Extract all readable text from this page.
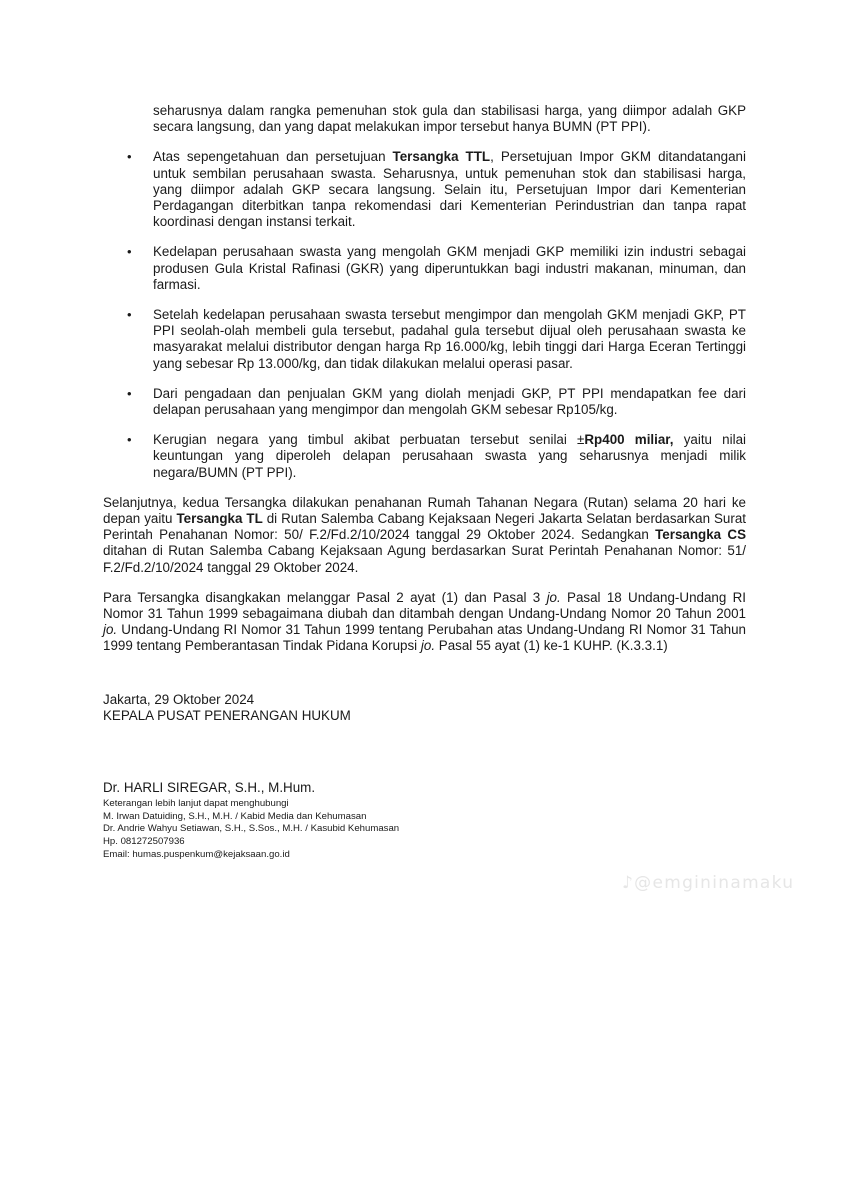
seharusnya dalam rangka pemenuhan stok gula dan stabilisasi harga, yang diimpor adalah GKP secara langsung, dan yang dapat melakukan impor tersebut hanya BUMN (PT PPI).

• Atas sepengetahuan dan persetujuan Tersangka TTL, Persetujuan Impor GKM ditandatangani untuk sembilan perusahaan swasta. Seharusnya, untuk pemenuhan stok dan stabilisasi harga, yang diimpor adalah GKP secara langsung. Selain itu, Persetujuan Impor dari Kementerian Perdagangan diterbitkan tanpa rekomendasi dari Kementerian Perindustrian dan tanpa rapat koordinasi dengan instansi terkait.
• Kedelapan perusahaan swasta yang mengolah GKM menjadi GKP memiliki izin industri sebagai produsen Gula Kristal Rafinasi (GKR) yang diperuntukkan bagi industri makanan, minuman, dan farmasi.
• Setelah kedelapan perusahaan swasta tersebut mengimpor dan mengolah GKM menjadi GKP, PT PPI seolah-olah membeli gula tersebut, padahal gula tersebut dijual oleh perusahaan swasta ke masyarakat melalui distributor dengan harga Rp 16.000/kg, lebih tinggi dari Harga Eceran Tertinggi yang sebesar Rp 13.000/kg, dan tidak dilakukan melalui operasi pasar.
• Dari pengadaan dan penjualan GKM yang diolah menjadi GKP, PT PPI mendapatkan fee dari delapan perusahaan yang mengimpor dan mengolah GKM sebesar Rp105/kg.
• Kerugian negara yang timbul akibat perbuatan tersebut senilai ±Rp400 miliar, yaitu nilai keuntungan yang diperoleh delapan perusahaan swasta yang seharusnya menjadi milik negara/BUMN (PT PPI).

Selanjutnya, kedua Tersangka dilakukan penahanan Rumah Tahanan Negara (Rutan) selama 20 hari ke depan yaitu Tersangka TL di Rutan Salemba Cabang Kejaksaan Negeri Jakarta Selatan berdasarkan Surat Perintah Penahanan Nomor: 50/ F.2/Fd.2/10/2024 tanggal 29 Oktober 2024. Sedangkan Tersangka CS ditahan di Rutan Salemba Cabang Kejaksaan Agung berdasarkan Surat Perintah Penahanan Nomor: 51/ F.2/Fd.2/10/2024 tanggal 29 Oktober 2024.

Para Tersangka disangkakan melanggar Pasal 2 ayat (1) dan Pasal 3 jo. Pasal 18 Undang-Undang RI Nomor 31 Tahun 1999 sebagaimana diubah dan ditambah dengan Undang-Undang Nomor 20 Tahun 2001 jo. Undang-Undang RI Nomor 31 Tahun 1999 tentang Perubahan atas Undang-Undang RI Nomor 31 Tahun 1999 tentang Pemberantasan Tindak Pidana Korupsi jo. Pasal 55 ayat (1) ke-1 KUHP. (K.3.3.1)

Jakarta, 29 Oktober 2024
KEPALA PUSAT PENERANGAN HUKUM
Dr. HARLI SIREGAR, S.H., M.Hum.
Keterangan lebih lanjut dapat menghubungi
M. Irwan Datuiding, S.H., M.H. / Kabid Media dan Kehumasan
Dr. Andrie Wahyu Setiawan, S.H., S.Sos., M.H. / Kasubid Kehumasan
Hp. 081272507936
Email: humas.puspenkum@kejaksaan.go.id
♪@emgininamaku
